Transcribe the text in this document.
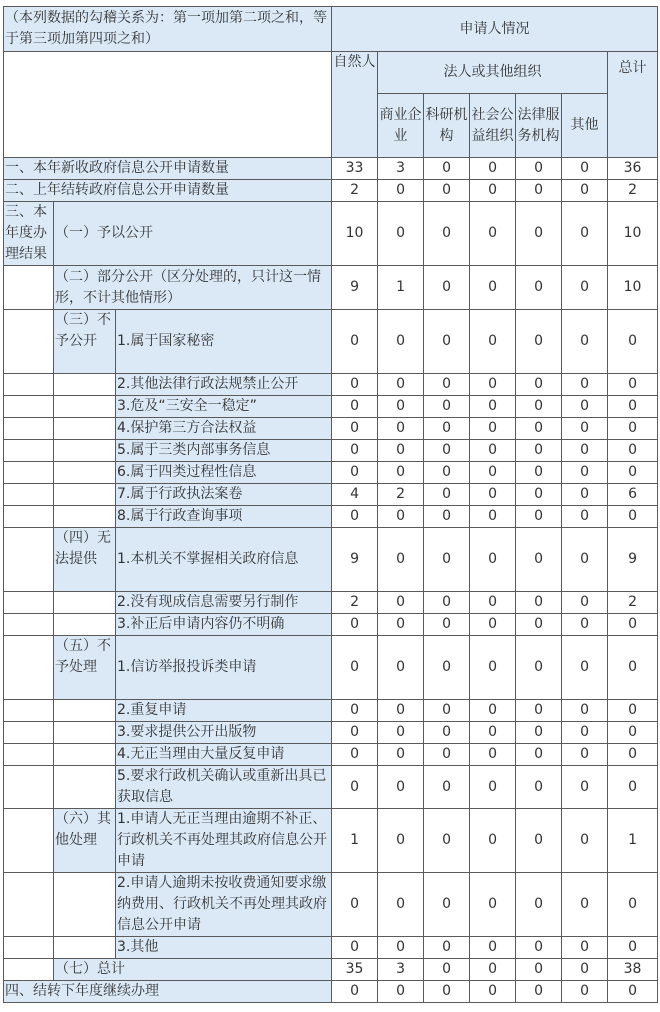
（本列数据的勾稽关系为：第一项加第二项之和，等于第三项加第四项之和）			申请人情况						
			自然人	法人或其他组织					总计
				商业企业	科研机构	社会公益组织	法律服务机构	其他	
一、本年新收政府信息公开申请数量			33	3	0	0	0	0	36
二、上年结转政府信息公开申请数量			2	0	0	0	0	0	2
三、本年度办理结果	（一）予以公开		10	0	0	0	0	0	10
	（二）部分公开（区分处理的，只计这一情形，不计其他情形）		9	1	0	0	0	0	10
	（三）不予公开	1.属于国家秘密	0	0	0	0	0	0	0
		2.其他法律行政法规禁止公开	0	0	0	0	0	0	0
		3.危及“三安全一稳定”	0	0	0	0	0	0	0
		4.保护第三方合法权益	0	0	0	0	0	0	0
		5.属于三类内部事务信息	0	0	0	0	0	0	0
		6.属于四类过程性信息	0	0	0	0	0	0	0
		7.属于行政执法案卷	4	2	0	0	0	0	6
		8.属于行政查询事项	0	0	0	0	0	0	0
	（四）无法提供	1.本机关不掌握相关政府信息	9	0	0	0	0	0	9
		2.没有现成信息需要另行制作	2	0	0	0	0	0	2
		3.补正后申请内容仍不明确	0	0	0	0	0	0	0
	（五）不予处理	1.信访举报投诉类申请	0	0	0	0	0	0	0
		2.重复申请	0	0	0	0	0	0	0
		3.要求提供公开出版物	0	0	0	0	0	0	0
		4.无正当理由大量反复申请	0	0	0	0	0	0	0
		5.要求行政机关确认或重新出具已获取信息	0	0	0	0	0	0	0
	（六）其他处理	1.申请人无正当理由逾期不补正、行政机关不再处理其政府信息公开申请	1	0	0	0	0	0	1
		2.申请人逾期未按收费通知要求缴纳费用、行政机关不再处理其政府信息公开申请	0	0	0	0	0	0	0
		3.其他	0	0	0	0	0	0	0
	（七）总计		35	3	0	0	0	0	38
四、结转下年度继续办理			0	0	0	0	0	0	0
